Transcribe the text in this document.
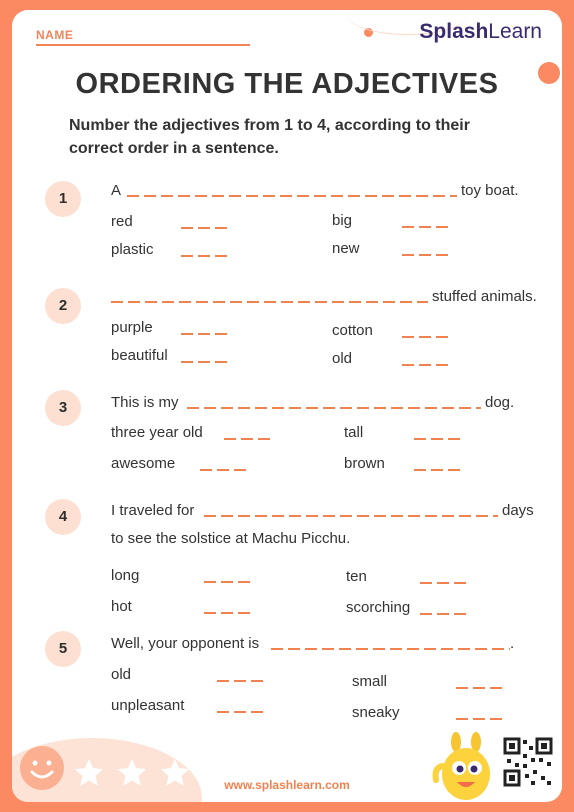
NAME	SplashLearn
ORDERING THE ADJECTIVES
Number the adjectives from 1 to 4, according to their correct order in a sentence.
1	A	toy boat.
red	big
plastic	new
2
stuffed animals.
purple	cotton
beautiful	old
3	This is my	dog.
three year old	tall
awesome	brown
4	I traveled for	days
to see the solstice at Machu Picchu.
long	ten
hot	scorching
5	Well, your opponent is	.
old	small
unpleasant	sneaky
www.splashlearn.com
